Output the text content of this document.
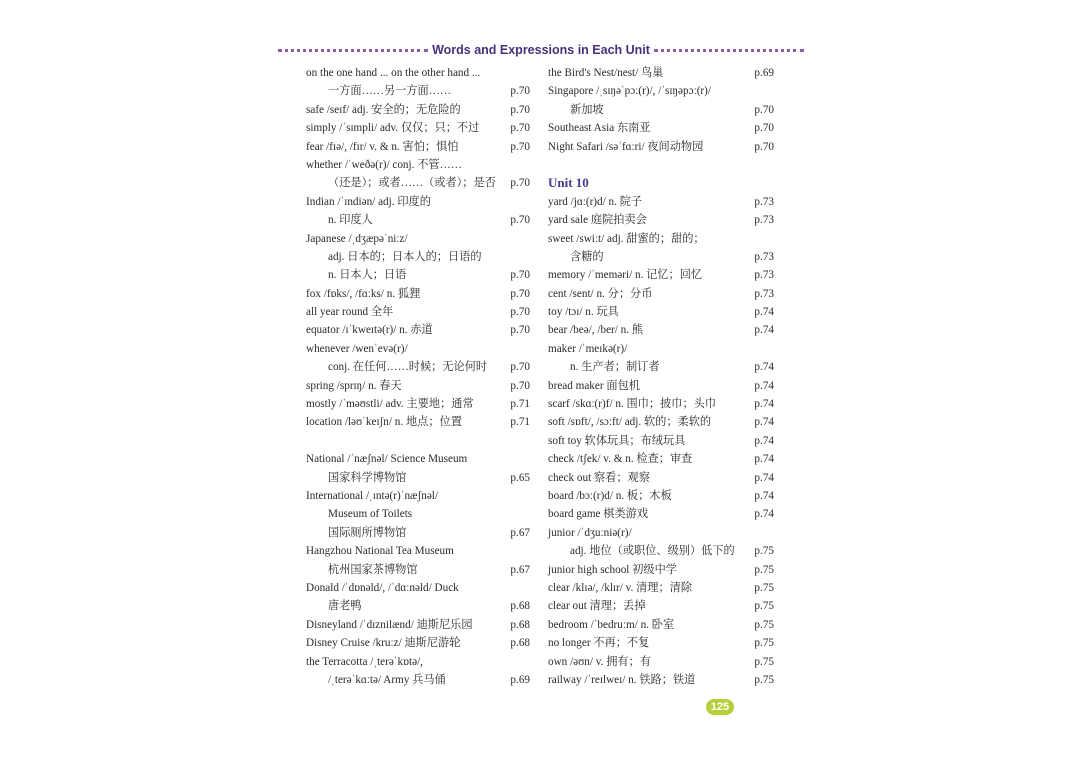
Words and Expressions in Each Unit
on the one hand ... on the other hand ...
一方面……另一方面……	p.70
safe /seɪf/ adj. 安全的；无危险的	p.70
simply /ˈsɪmpli/ adv. 仅仅；只；不过	p.70
fear /fɪə/, /fɪr/ v. & n. 害怕；惧怕	p.70
whether /ˈweðə(r)/ conj. 不管……
（还是）；或者……（或者）；是否 p.70
Indian /ˈɪndiən/ adj. 印度的
n. 印度人	p.70
Japanese /ˌdʒæpəˈniːz/
adj. 日本的；日本人的；日语的
n. 日本人；日语	p.70
fox /fɒks/, /fɑːks/ n. 狐狸	p.70
all year round 全年	p.70
equator /ɪˈkweɪtə(r)/ n. 赤道	p.70
whenever /wenˈevə(r)/
conj. 在任何……时候；无论何时 p.70
spring /sprɪŋ/ n. 春天	p.70
mostly /ˈməʊstli/ adv. 主要地；通常	p.71
location /ləʊˈkeɪʃn/ n. 地点；位置	p.71
National /ˈnæʃnəl/ Science Museum
国家科学博物馆	p.65
International /ˌɪntə(r)ˈnæʃnəl/
Museum of Toilets
国际厕所博物馆	p.67
Hangzhou National Tea Museum
杭州国家茶博物馆	p.67
Donald /ˈdɒnəld/, /ˈdɑːnəld/ Duck
唐老鸭	p.68
Disneyland /ˈdɪznilænd/ 迪斯尼乐园	p.68
Disney Cruise /kruːz/ 迪斯尼游轮	p.68
the Terracotta /ˌterəˈkɒtə/,
/ˌterəˈkɑːtə/ Army 兵马俑	p.69
the Bird's Nest/nest/ 鸟巢	p.69
Singapore /ˌsɪŋəˈpɔː(r)/, /ˈsɪŋəpɔː(r)/
新加坡	p.70
Southeast Asia 东南亚	p.70
Night Safari /səˈfɑːri/ 夜间动物园	p.70
Unit 10
yard /jɑː(r)d/ n. 院子	p.73
yard sale 庭院拍卖会	p.73
sweet /swiːt/ adj. 甜蜜的；甜的；
含糖的	p.73
memory /ˈmeməri/ n. 记忆；回忆	p.73
cent /sent/ n. 分；分币	p.73
toy /tɔɪ/ n. 玩具	p.74
bear /beə/, /ber/ n. 熊	p.74
maker /ˈmeɪkə(r)/
n. 生产者；制订者	p.74
bread maker 面包机	p.74
scarf /skɑː(r)f/ n. 围巾；披巾；头巾	p.74
soft /sɒft/, /sɔːft/ adj. 软的；柔软的	p.74
soft toy 软体玩具；布绒玩具	p.74
check /tʃek/ v. & n. 检查；审查	p.74
check out 察看；观察	p.74
board /bɔː(r)d/ n. 板；木板	p.74
board game 棋类游戏	p.74
junior /ˈdʒuːniə(r)/
adj. 地位（或职位、级别）低下的 p.75
junior high school 初级中学	p.75
clear /klɪə/, /klɪr/ v. 清理；清除	p.75
clear out 清理；丢掉	p.75
bedroom /ˈbedruːm/ n. 卧室	p.75
no longer 不再；不复	p.75
own /əʊn/ v. 拥有；有	p.75
railway /ˈreɪlweɪ/ n. 铁路；铁道	p.75
125
